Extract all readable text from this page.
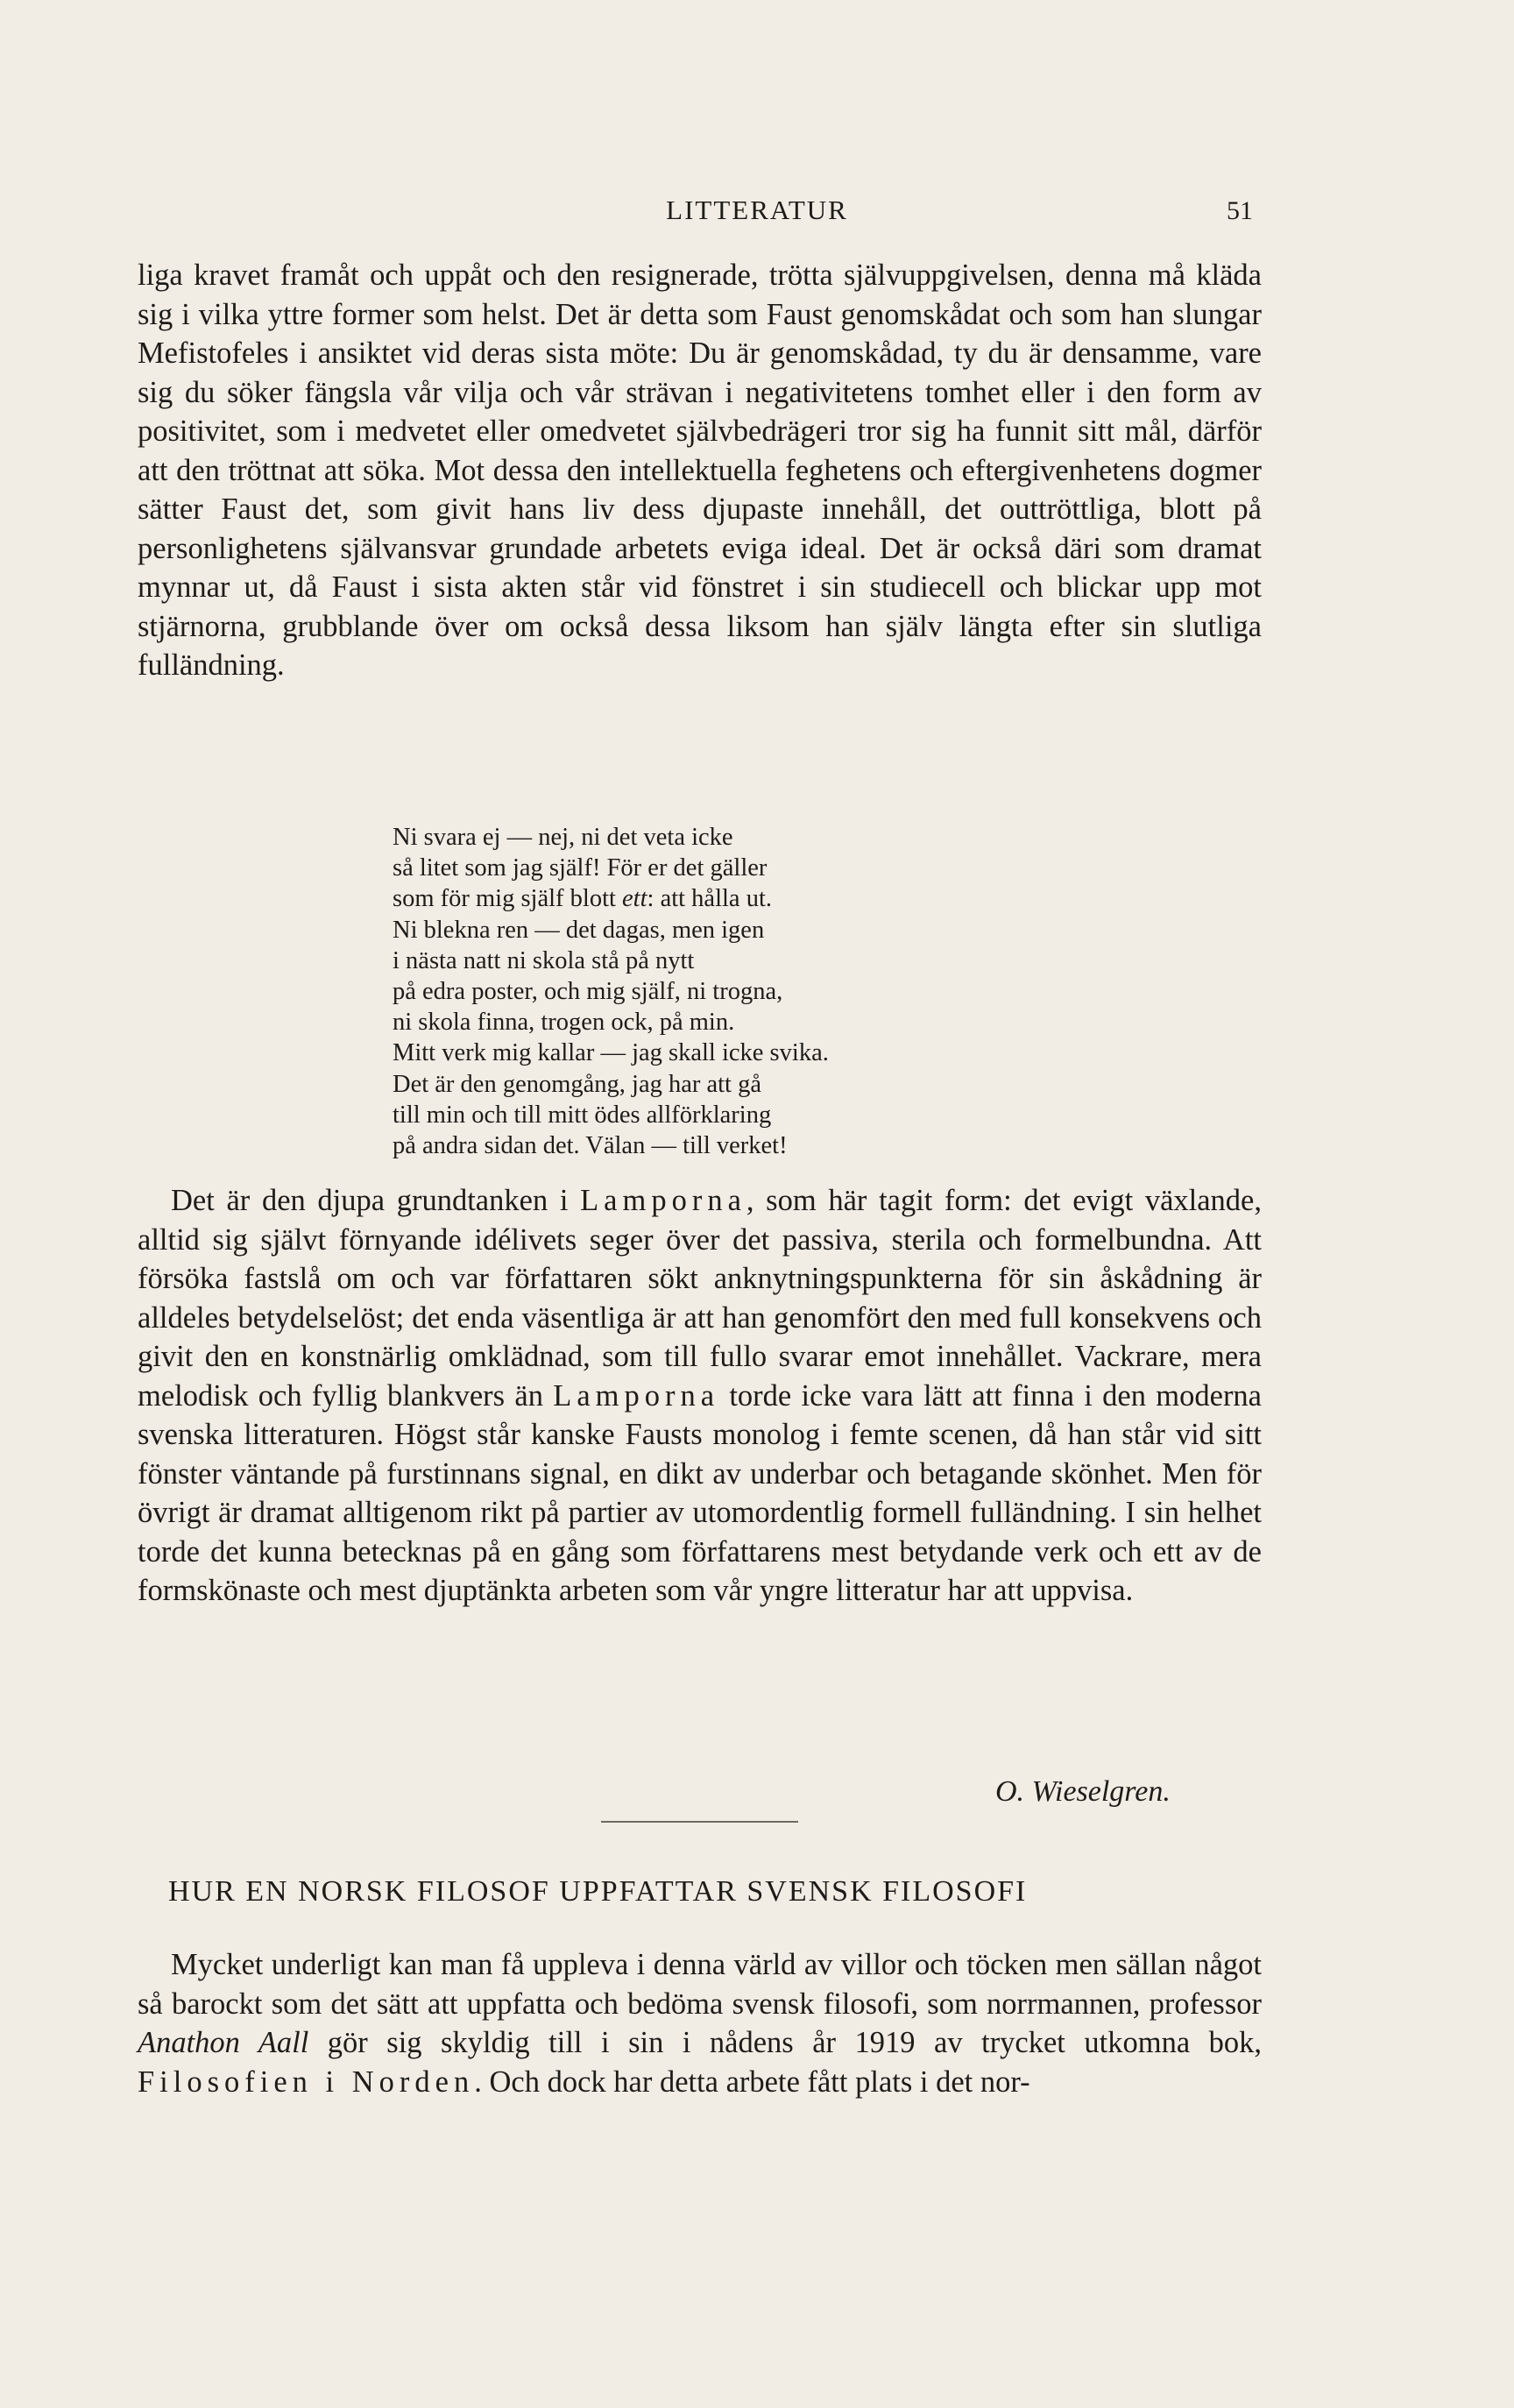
LITTERATUR	51

liga kravet framåt och uppåt och den resignerade, trötta självuppgivelsen, denna må kläda sig i vilka yttre former som helst. Det är detta som Faust genomskådat och som han slungar Mefistofeles i ansiktet vid deras sista möte: Du är genomskådad, ty du är densamme, vare sig du söker fängsla vår vilja och vår strävan i negativitetens tomhet eller i den form av positivitet, som i medvetet eller omedvetet självbedrägeri tror sig ha funnit sitt mål, därför att den tröttnat att söka. Mot dessa den intellektuella feghetens och eftergivenhetens dogmer sätter Faust det, som givit hans liv dess djupaste innehåll, det outtröttliga, blott på personlighetens självansvar grundade arbetets eviga ideal. Det är också däri som dramat mynnar ut, då Faust i sista akten står vid fönstret i sin studiecell och blickar upp mot stjärnorna, grubblande över om också dessa liksom han själv längta efter sin slutliga fulländning.

Ni svara ej — nej, ni det veta icke
så litet som jag själf! För er det gäller
som för mig själf blott ett: att hålla ut.
Ni blekna ren — det dagas, men igen
i nästa natt ni skola stå på nytt
på edra poster, och mig själf, ni trogna,
ni skola finna, trogen ock, på min.
Mitt verk mig kallar — jag skall icke svika.
Det är den genomgång, jag har att gå
till min och till mitt ödes allförklaring
på andra sidan det. Välan — till verket!

Det är den djupa grundtanken i Lamporna, som här tagit form: det evigt växlande, alltid sig självt förnyande idélivets seger över det passiva, sterila och formelbundna. Att försöka fastslå om och var författaren sökt anknytningspunkterna för sin åskådning är alldeles betydelselöst; det enda väsentliga är att han genomfört den med full konsekvens och givit den en konstnärlig omklädnad, som till fullo svarar emot innehållet. Vackrare, mera melodisk och fyllig blankvers än Lamporna torde icke vara lätt att finna i den moderna svenska litteraturen. Högst står kanske Fausts monolog i femte scenen, då han står vid sitt fönster väntande på furstinnans signal, en dikt av underbar och betagande skönhet. Men för övrigt är dramat alltigenom rikt på partier av utomordentlig formell fulländning. I sin helhet torde det kunna betecknas på en gång som författarens mest betydande verk och ett av de formskönaste och mest djuptänkta arbeten som vår yngre litteratur har att uppvisa.

O. Wieselgren.
HUR EN NORSK FILOSOF UPPFATTAR SVENSK FILOSOFI

Mycket underligt kan man få uppleva i denna värld av villor och töcken men sällan något så barockt som det sätt att uppfatta och bedöma svensk filosofi, som norrmannen, professor Anathon Aall gör sig skyldig till i sin i nådens år 1919 av trycket utkomna bok, Filosofien i Norden. Och dock har detta arbete fått plats i det nor-
